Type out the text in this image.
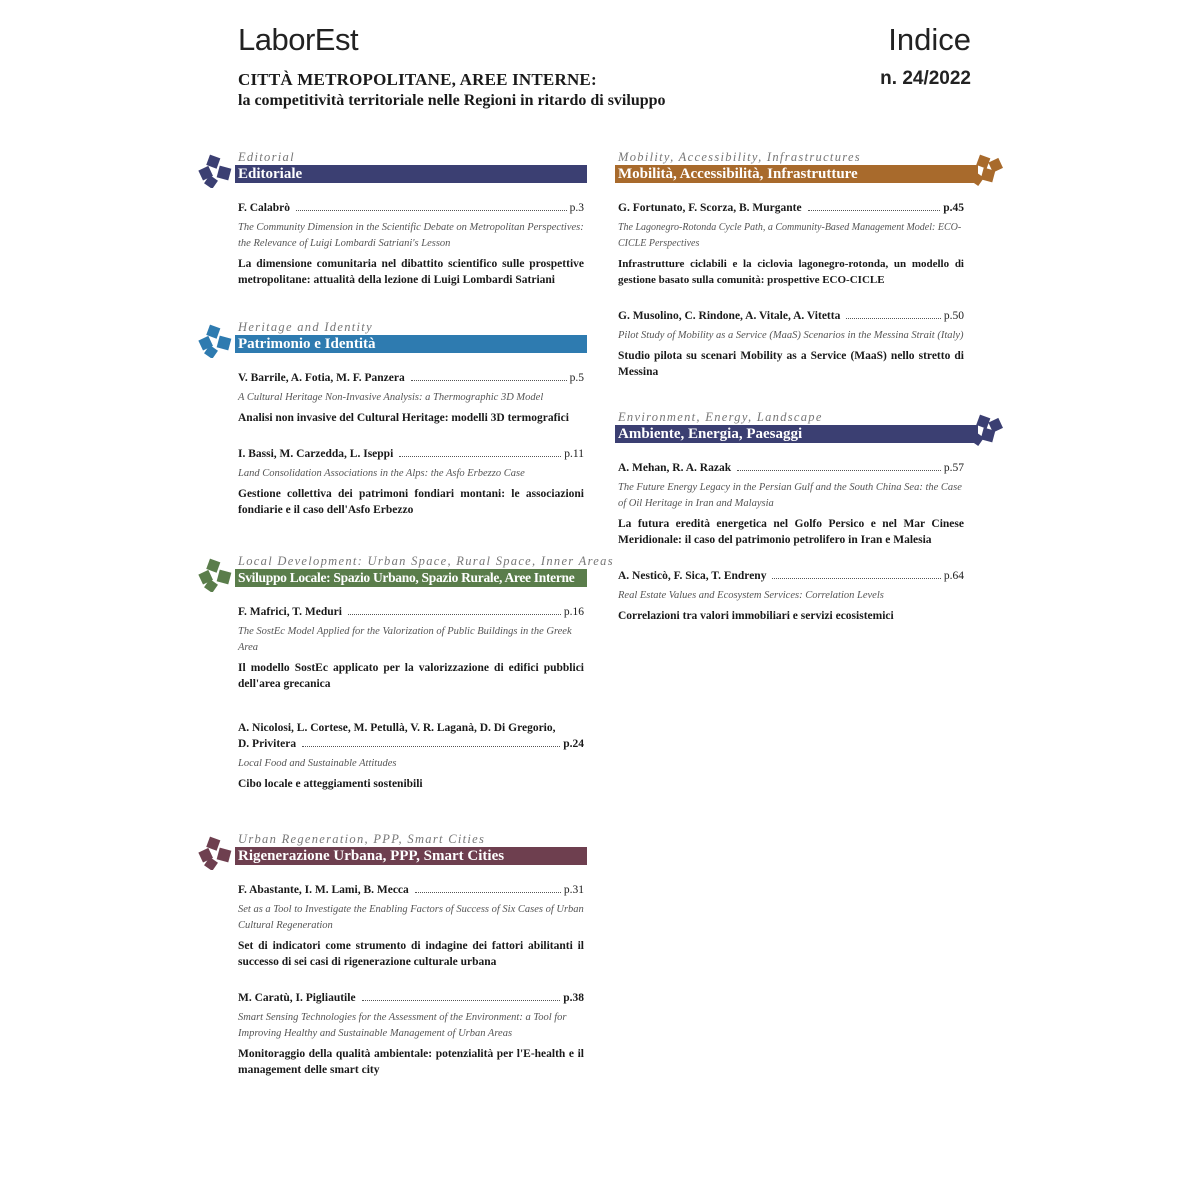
LaborEst	Indice
n. 24/2022
CITTÀ METROPOLITANE, AREE INTERNE:
la competitività territoriale nelle Regioni in ritardo di sviluppo
Editorial
Editoriale
F. Calabrò	p.3
The Community Dimension in the Scientific Debate on Metropolitan Perspectives: the Relevance of Luigi Lombardi Satriani's Lesson
La dimensione comunitaria nel dibattito scientifico sulle prospettive metropolitane: attualità della lezione di Luigi Lombardi Satriani
Heritage and Identity
Patrimonio e Identità
V. Barrile, A. Fotia, M. F. Panzera	p.5
A Cultural Heritage Non-Invasive Analysis: a Thermographic 3D Model
Analisi non invasive del Cultural Heritage: modelli 3D termografici
I. Bassi, M. Carzedda, L. Iseppi	p.11
Land Consolidation Associations in the Alps: the Asfo Erbezzo Case
Gestione collettiva dei patrimoni fondiari montani: le associazioni fondiarie e il caso dell'Asfo Erbezzo
Local Development: Urban Space, Rural Space, Inner Areas
Sviluppo Locale: Spazio Urbano, Spazio Rurale, Aree Interne
F. Mafrici, T. Meduri	p.16
The SostEc Model Applied for the Valorization of Public Buildings in the Greek Area
Il modello SostEc applicato per la valorizzazione di edifici pubblici dell'area grecanica
A. Nicolosi, L. Cortese, M. Petullà, V. R. Laganà, D. Di Gregorio,
D. Privitera	p.24
Local Food and Sustainable Attitudes
Cibo locale e atteggiamenti sostenibili
Urban Regeneration, PPP, Smart Cities
Rigenerazione Urbana, PPP, Smart Cities
F. Abastante, I. M. Lami, B. Mecca	p.31
Set as a Tool to Investigate the Enabling Factors of Success of Six Cases of Urban Cultural Regeneration
Set di indicatori come strumento di indagine dei fattori abilitanti il successo di sei casi di rigenerazione culturale urbana
M. Caratù, I. Pigliautile	p.38
Smart Sensing Technologies for the Assessment of the Environment: a Tool for Improving Healthy and Sustainable Management of Urban Areas
Monitoraggio della qualità ambientale: potenzialità per l'E-health e il management delle smart city
Mobility, Accessibility, Infrastructures
Mobilità, Accessibilità, Infrastrutture
G. Fortunato, F. Scorza, B. Murgante	p.45
The Lagonegro-Rotonda Cycle Path, a Community-Based Management Model: ECO-CICLE Perspectives
Infrastrutture ciclabili e la ciclovia lagonegro-rotonda, un modello di gestione basato sulla comunità: prospettive ECO-CICLE
G. Musolino, C. Rindone, A. Vitale, A. Vitetta	p.50
Pilot Study of Mobility as a Service (MaaS) Scenarios in the Messina Strait (Italy)
Studio pilota su scenari Mobility as a Service (MaaS) nello stretto di Messina
Environment, Energy, Landscape
Ambiente, Energia, Paesaggi
A. Mehan, R. A. Razak	p.57
The Future Energy Legacy in the Persian Gulf and the South China Sea: the Case of Oil Heritage in Iran and Malaysia
La futura eredità energetica nel Golfo Persico e nel Mar Cinese Meridionale: il caso del patrimonio petrolifero in Iran e Malesia
A. Nesticò, F. Sica, T. Endreny	p.64
Real Estate Values and Ecosystem Services: Correlation Levels
Correlazioni tra valori immobiliari e servizi ecosistemici
